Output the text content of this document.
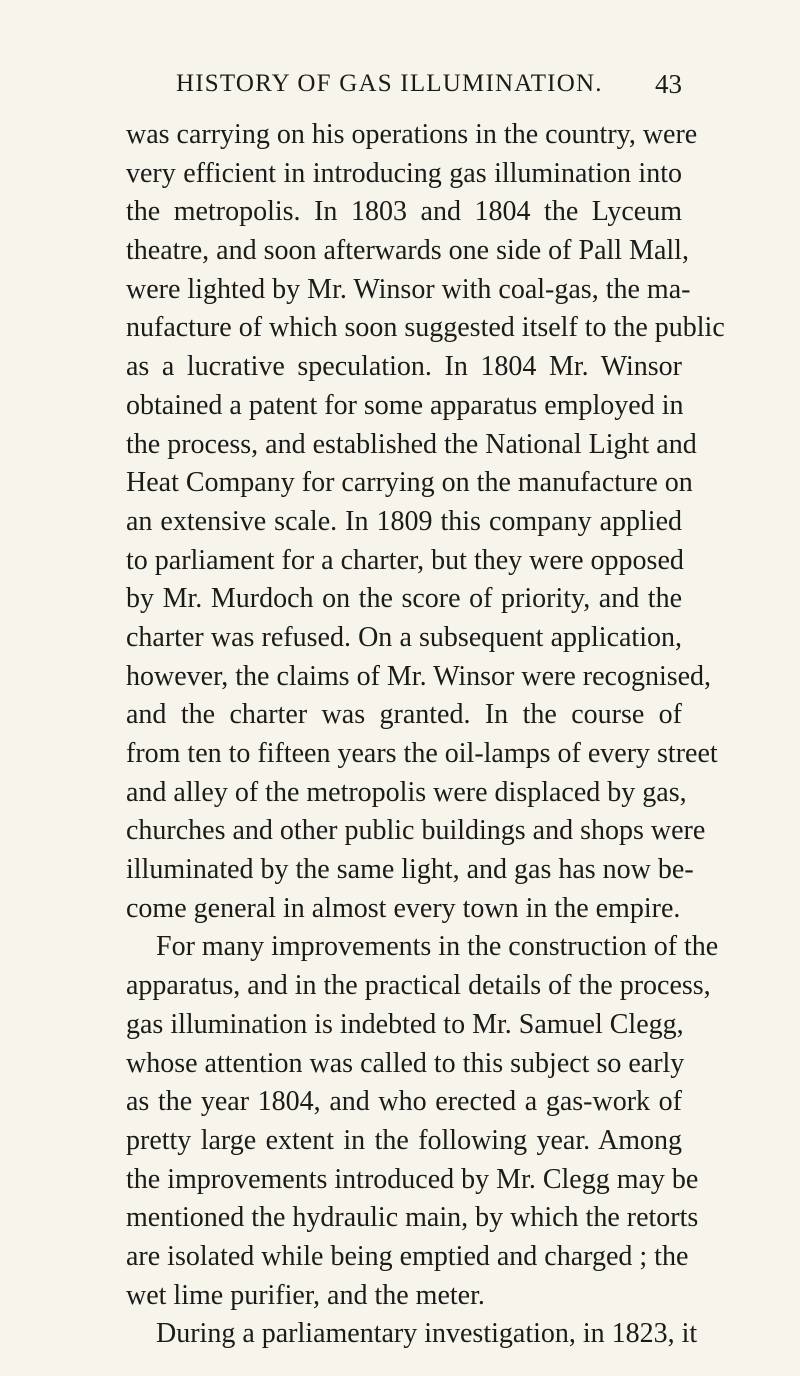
HISTORY OF GAS ILLUMINATION. 43
was carrying on his operations in the country, were
very efficient in introducing gas illumination into
the metropolis. In 1803 and 1804 the Lyceum
theatre, and soon afterwards one side of Pall Mall,
were lighted by Mr. Winsor with coal-gas, the ma-
nufacture of which soon suggested itself to the public
as a lucrative speculation. In 1804 Mr. Winsor
obtained a patent for some apparatus employed in
the process, and established the National Light and
Heat Company for carrying on the manufacture on
an extensive scale. In 1809 this company applied
to parliament for a charter, but they were opposed
by Mr. Murdoch on the score of priority, and the
charter was refused. On a subsequent application,
however, the claims of Mr. Winsor were recognised,
and the charter was granted. In the course of
from ten to fifteen years the oil-lamps of every street
and alley of the metropolis were displaced by gas,
churches and other public buildings and shops were
illuminated by the same light, and gas has now be-
come general in almost every town in the empire.
For many improvements in the construction of the
apparatus, and in the practical details of the process,
gas illumination is indebted to Mr. Samuel Clegg,
whose attention was called to this subject so early
as the year 1804, and who erected a gas-work of
pretty large extent in the following year. Among
the improvements introduced by Mr. Clegg may be
mentioned the hydraulic main, by which the retorts
are isolated while being emptied and charged ; the
wet lime purifier, and the meter.
During a parliamentary investigation, in 1823, it
